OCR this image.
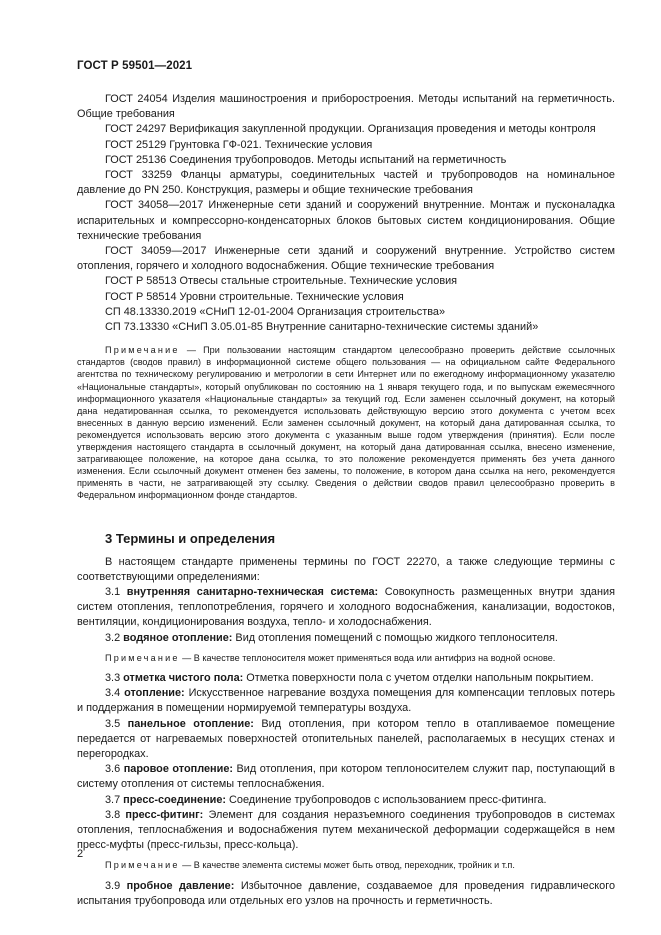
ГОСТ Р 59501—2021

ГОСТ 24054 Изделия машиностроения и приборостроения. Методы испытаний на герметичность. Общие требования

ГОСТ 24297 Верификация закупленной продукции. Организация проведения и методы контроля

ГОСТ 25129 Грунтовка ГФ-021. Технические условия

ГОСТ 25136 Соединения трубопроводов. Методы испытаний на герметичность

ГОСТ 33259 Фланцы арматуры, соединительных частей и трубопроводов на номинальное давление до PN 250. Конструкция, размеры и общие технические требования

ГОСТ 34058—2017 Инженерные сети зданий и сооружений внутренние. Монтаж и пусконаладка испарительных и компрессорно-конденсаторных блоков бытовых систем кондиционирования. Общие технические требования

ГОСТ 34059—2017 Инженерные сети зданий и сооружений внутренние. Устройство систем отопления, горячего и холодного водоснабжения. Общие технические требования

ГОСТ Р 58513 Отвесы стальные строительные. Технические условия

ГОСТ Р 58514 Уровни строительные. Технические условия

СП 48.13330.2019 «СНиП 12-01-2004 Организация строительства»

СП 73.13330 «СНиП 3.05.01-85 Внутренние санитарно-технические системы зданий»

Примечание — При пользовании настоящим стандартом целесообразно проверить действие ссылочных стандартов (сводов правил) в информационной системе общего пользования — на официальном сайте Федерального агентства по техническому регулированию и метрологии в сети Интернет или по ежегодному информационному указателю «Национальные стандарты», который опубликован по состоянию на 1 января текущего года, и по выпускам ежемесячного информационного указателя «Национальные стандарты» за текущий год. Если заменен ссылочный документ, на который дана недатированная ссылка, то рекомендуется использовать действующую версию этого документа с учетом всех внесенных в данную версию изменений. Если заменен ссылочный документ, на который дана датированная ссылка, то рекомендуется использовать версию этого документа с указанным выше годом утверждения (принятия). Если после утверждения настоящего стандарта в ссылочный документ, на который дана датированная ссылка, внесено изменение, затрагивающее положение, на которое дана ссылка, то это положение рекомендуется применять без учета данного изменения. Если ссылочный документ отменен без замены, то положение, в котором дана ссылка на него, рекомендуется применять в части, не затрагивающей эту ссылку. Сведения о действии сводов правил целесообразно проверить в Федеральном информационном фонде стандартов.

3 Термины и определения

В настоящем стандарте применены термины по ГОСТ 22270, а также следующие термины с соответствующими определениями:

3.1 внутренняя санитарно-техническая система: Совокупность размещенных внутри здания систем отопления, теплопотребления, горячего и холодного водоснабжения, канализации, водостоков, вентиляции, кондиционирования воздуха, тепло- и холодоснабжения.

3.2 водяное отопление: Вид отопления помещений с помощью жидкого теплоносителя.

Примечание — В качестве теплоносителя может применяться вода или антифриз на водной основе.

3.3 отметка чистого пола: Отметка поверхности пола с учетом отделки напольным покрытием.

3.4 отопление: Искусственное нагревание воздуха помещения для компенсации тепловых потерь и поддержания в помещении нормируемой температуры воздуха.

3.5 панельное отопление: Вид отопления, при котором тепло в отапливаемое помещение передается от нагреваемых поверхностей отопительных панелей, располагаемых в несущих стенах и перегородках.

3.6 паровое отопление: Вид отопления, при котором теплоносителем служит пар, поступающий в систему отопления от системы теплоснабжения.

3.7 пресс-соединение: Соединение трубопроводов с использованием пресс-фитинга.

3.8 пресс-фитинг: Элемент для создания неразъемного соединения трубопроводов в системах отопления, теплоснабжения и водоснабжения путем механической деформации содержащейся в нем пресс-муфты (пресс-гильзы, пресс-кольца).

Примечание — В качестве элемента системы может быть отвод, переходник, тройник и т.п.

3.9 пробное давление: Избыточное давление, создаваемое для проведения гидравлического испытания трубопровода или отдельных его узлов на прочность и герметичность.

2
